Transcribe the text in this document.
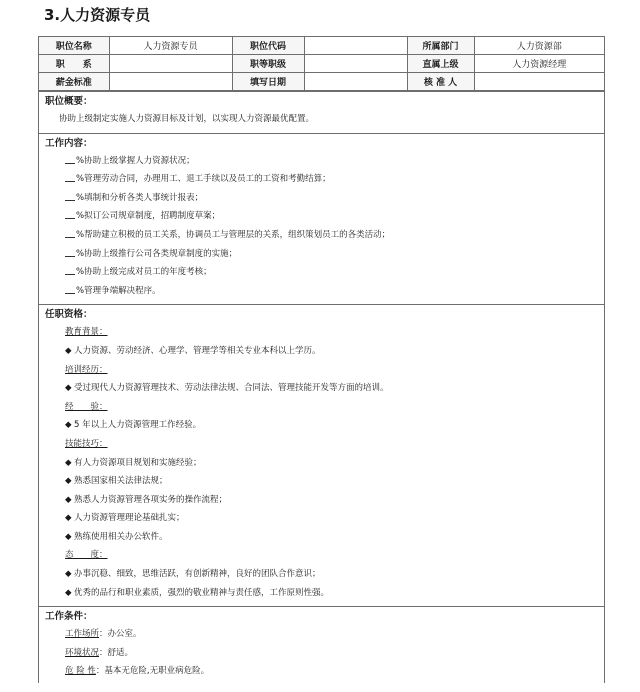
3.人力资源专员
职位名称	人力资源专员	职位代码		所属部门	人力资源部
职　　系		职等职级		直属上级	人力资源经理
薪金标准		填写日期		核 准 人	
职位概要：
协助上级制定实施人力资源目标及计划，以实现人力资源最优配置。
工作内容：
%协助上级掌握人力资源状况；
%管理劳动合同，办理用工、退工手续以及员工的工资和考勤结算；
%填制和分析各类人事统计报表；
%拟订公司规章制度，招聘制度草案；
%帮助建立积极的员工关系，协调员工与管理层的关系，组织策划员工的各类活动；
%协助上级推行公司各类规章制度的实施；
%协助上级完成对员工的年度考核；
%管理争端解决程序。
任职资格：
教育背景：
◆ 人力资源、劳动经济、心理学、管理学等相关专业本科以上学历。
培训经历：
◆ 受过现代人力资源管理技术、劳动法律法规、合同法、管理技能开发等方面的培训。
经　　验：
◆ 5 年以上人力资源管理工作经验。
技能技巧：
◆ 有人力资源项目规划和实施经验；
◆ 熟悉国家相关法律法规；
◆ 熟悉人力资源管理各项实务的操作流程；
◆ 人力资源管理理论基础扎实；
◆ 熟练使用相关办公软件。
态　　度：
◆ 办事沉稳、细致，思维活跃，有创新精神，良好的团队合作意识；
◆ 优秀的品行和职业素质，强烈的敬业精神与责任感，工作原则性强。
工作条件：
工作场所：办公室。
环境状况：舒适。
危 险 性：基本无危险,无职业病危险。
